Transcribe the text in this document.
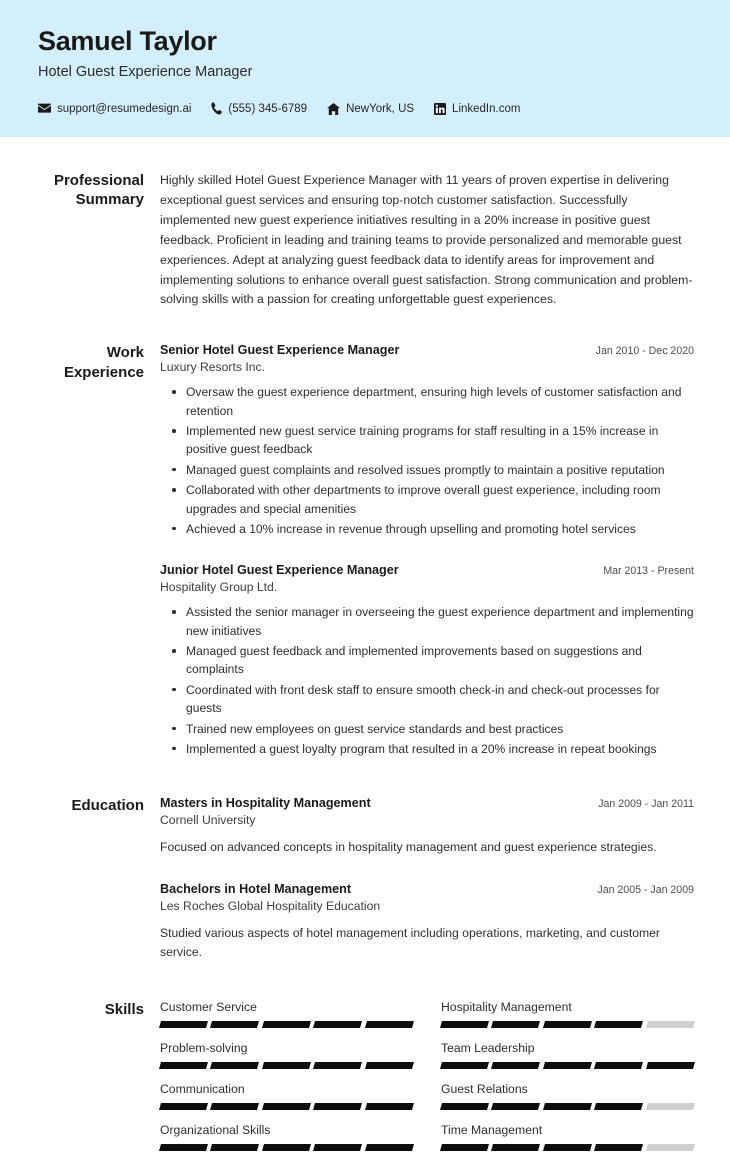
Samuel Taylor
Hotel Guest Experience Manager
support@resumedesign.ai	(555) 345-6789	NewYork, US	LinkedIn.com
Professional Summary
Highly skilled Hotel Guest Experience Manager with 11 years of proven expertise in delivering exceptional guest services and ensuring top-notch customer satisfaction. Successfully implemented new guest experience initiatives resulting in a 20% increase in positive guest feedback. Proficient in leading and training teams to provide personalized and memorable guest experiences. Adept at analyzing guest feedback data to identify areas for improvement and implementing solutions to enhance overall guest satisfaction. Strong communication and problem-solving skills with a passion for creating unforgettable guest experiences.
Work Experience
Senior Hotel Guest Experience Manager	Jan 2010 - Dec 2020
Luxury Resorts Inc.
Oversaw the guest experience department, ensuring high levels of customer satisfaction and retention
Implemented new guest service training programs for staff resulting in a 15% increase in positive guest feedback
Managed guest complaints and resolved issues promptly to maintain a positive reputation
Collaborated with other departments to improve overall guest experience, including room upgrades and special amenities
Achieved a 10% increase in revenue through upselling and promoting hotel services
Junior Hotel Guest Experience Manager	Mar 2013 - Present
Hospitality Group Ltd.
Assisted the senior manager in overseeing the guest experience department and implementing new initiatives
Managed guest feedback and implemented improvements based on suggestions and complaints
Coordinated with front desk staff to ensure smooth check-in and check-out processes for guests
Trained new employees on guest service standards and best practices
Implemented a guest loyalty program that resulted in a 20% increase in repeat bookings
Education	Masters in Hospitality Management	Jan 2009 - Jan 2011
Cornell University
Focused on advanced concepts in hospitality management and guest experience strategies.
Bachelors in Hotel Management	Jan 2005 - Jan 2009
Les Roches Global Hospitality Education
Studied various aspects of hotel management including operations, marketing, and customer service.
Skills	Customer Service	Hospitality Management
Problem-solving	Team Leadership
Communication	Guest Relations
Organizational Skills	Time Management
